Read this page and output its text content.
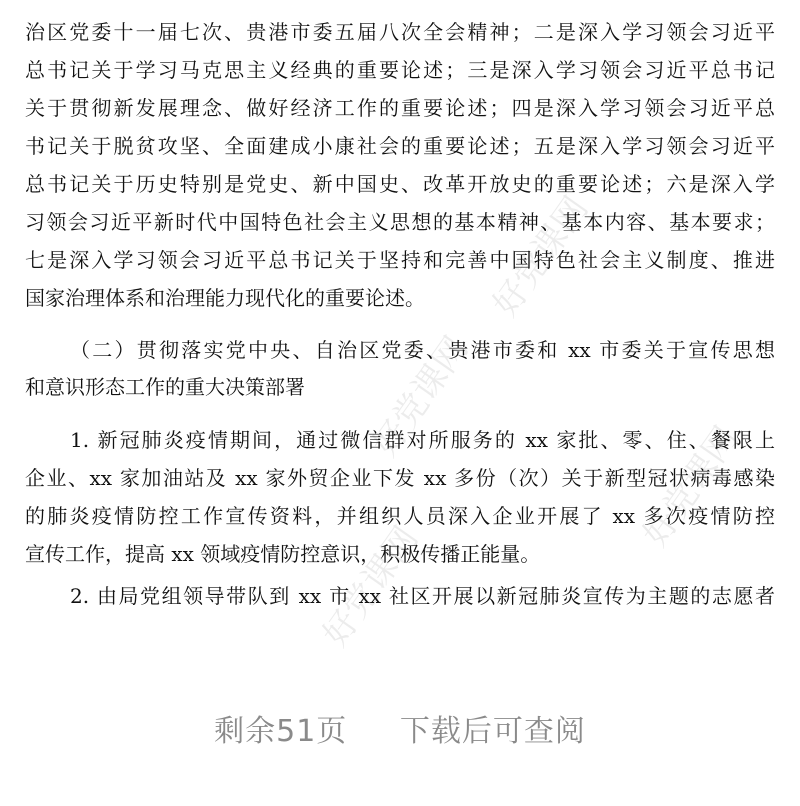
好党课网
好党课网
好党课网
好党课网
治区党委十一届七次、贵港市委五届八次全会精神；二是深入学习领会习近平
总书记关于学习马克思主义经典的重要论述；三是深入学习领会习近平总书记
关于贯彻新发展理念、做好经济工作的重要论述；四是深入学习领会习近平总
书记关于脱贫攻坚、全面建成小康社会的重要论述；五是深入学习领会习近平
总书记关于历史特别是党史、新中国史、改革开放史的重要论述；六是深入学
习领会习近平新时代中国特色社会主义思想的基本精神、基本内容、基本要求；
七是深入学习领会习近平总书记关于坚持和完善中国特色社会主义制度、推进
国家治理体系和治理能力现代化的重要论述。
（二）贯彻落实党中央、自治区党委、贵港市委和 xx 市委关于宣传思想
和意识形态工作的重大决策部署
1. 新冠肺炎疫情期间，通过微信群对所服务的 xx 家批、零、住、餐限上
企业、xx 家加油站及 xx 家外贸企业下发 xx 多份（次）关于新型冠状病毒感染
的肺炎疫情防控工作宣传资料，并组织人员深入企业开展了 xx 多次疫情防控
宣传工作，提高 xx 领域疫情防控意识，积极传播正能量。
2. 由局党组领导带队到 xx 市 xx 社区开展以新冠肺炎宣传为主题的志愿者
剩余51页 下载后可查阅
